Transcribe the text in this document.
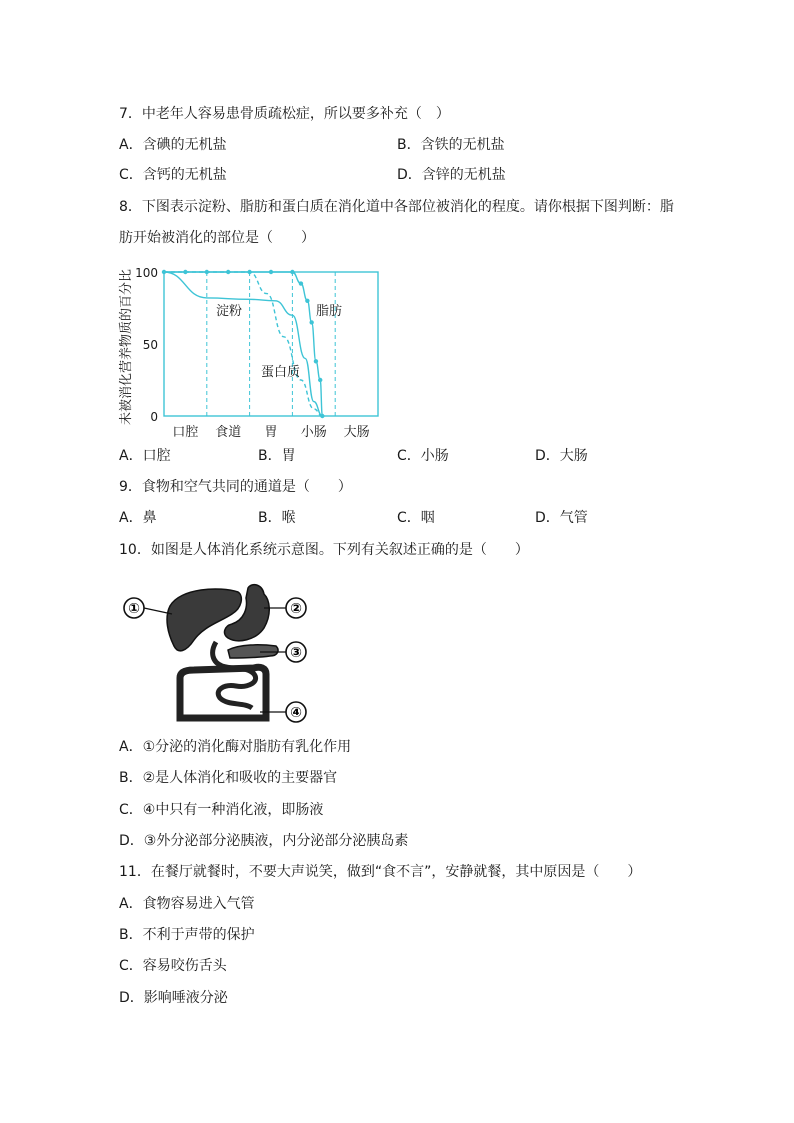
7．中老年人容易患骨质疏松症，所以要多补充（　）
A．含碘的无机盐	B．含铁的无机盐
C．含钙的无机盐	D．含锌的无机盐
8．下图表示淀粉、脂肪和蛋白质在消化道中各部位被消化的程度。请你根据下图判断：脂
肪开始被消化的部位是（　　）
未被消化营养物质的百分比 100
50
0
口腔 食道 胃 小肠 大肠
淀粉	脂肪
蛋白质
A．口腔	B．胃	C．小肠	D．大肠
9．食物和空气共同的通道是（　　）
A．鼻	B．喉	C．咽	D．气管
10．如图是人体消化系统示意图。下列有关叙述正确的是（　　）
①	②
③
④
A．①分泌的消化酶对脂肪有乳化作用
B．②是人体消化和吸收的主要器官
C．④中只有一种消化液，即肠液
D．③外分泌部分泌胰液，内分泌部分泌胰岛素
11．在餐厅就餐时，不要大声说笑，做到“食不言”，安静就餐，其中原因是（　　）
A．食物容易进入气管
B．不利于声带的保护
C．容易咬伤舌头
D．影响唾液分泌
